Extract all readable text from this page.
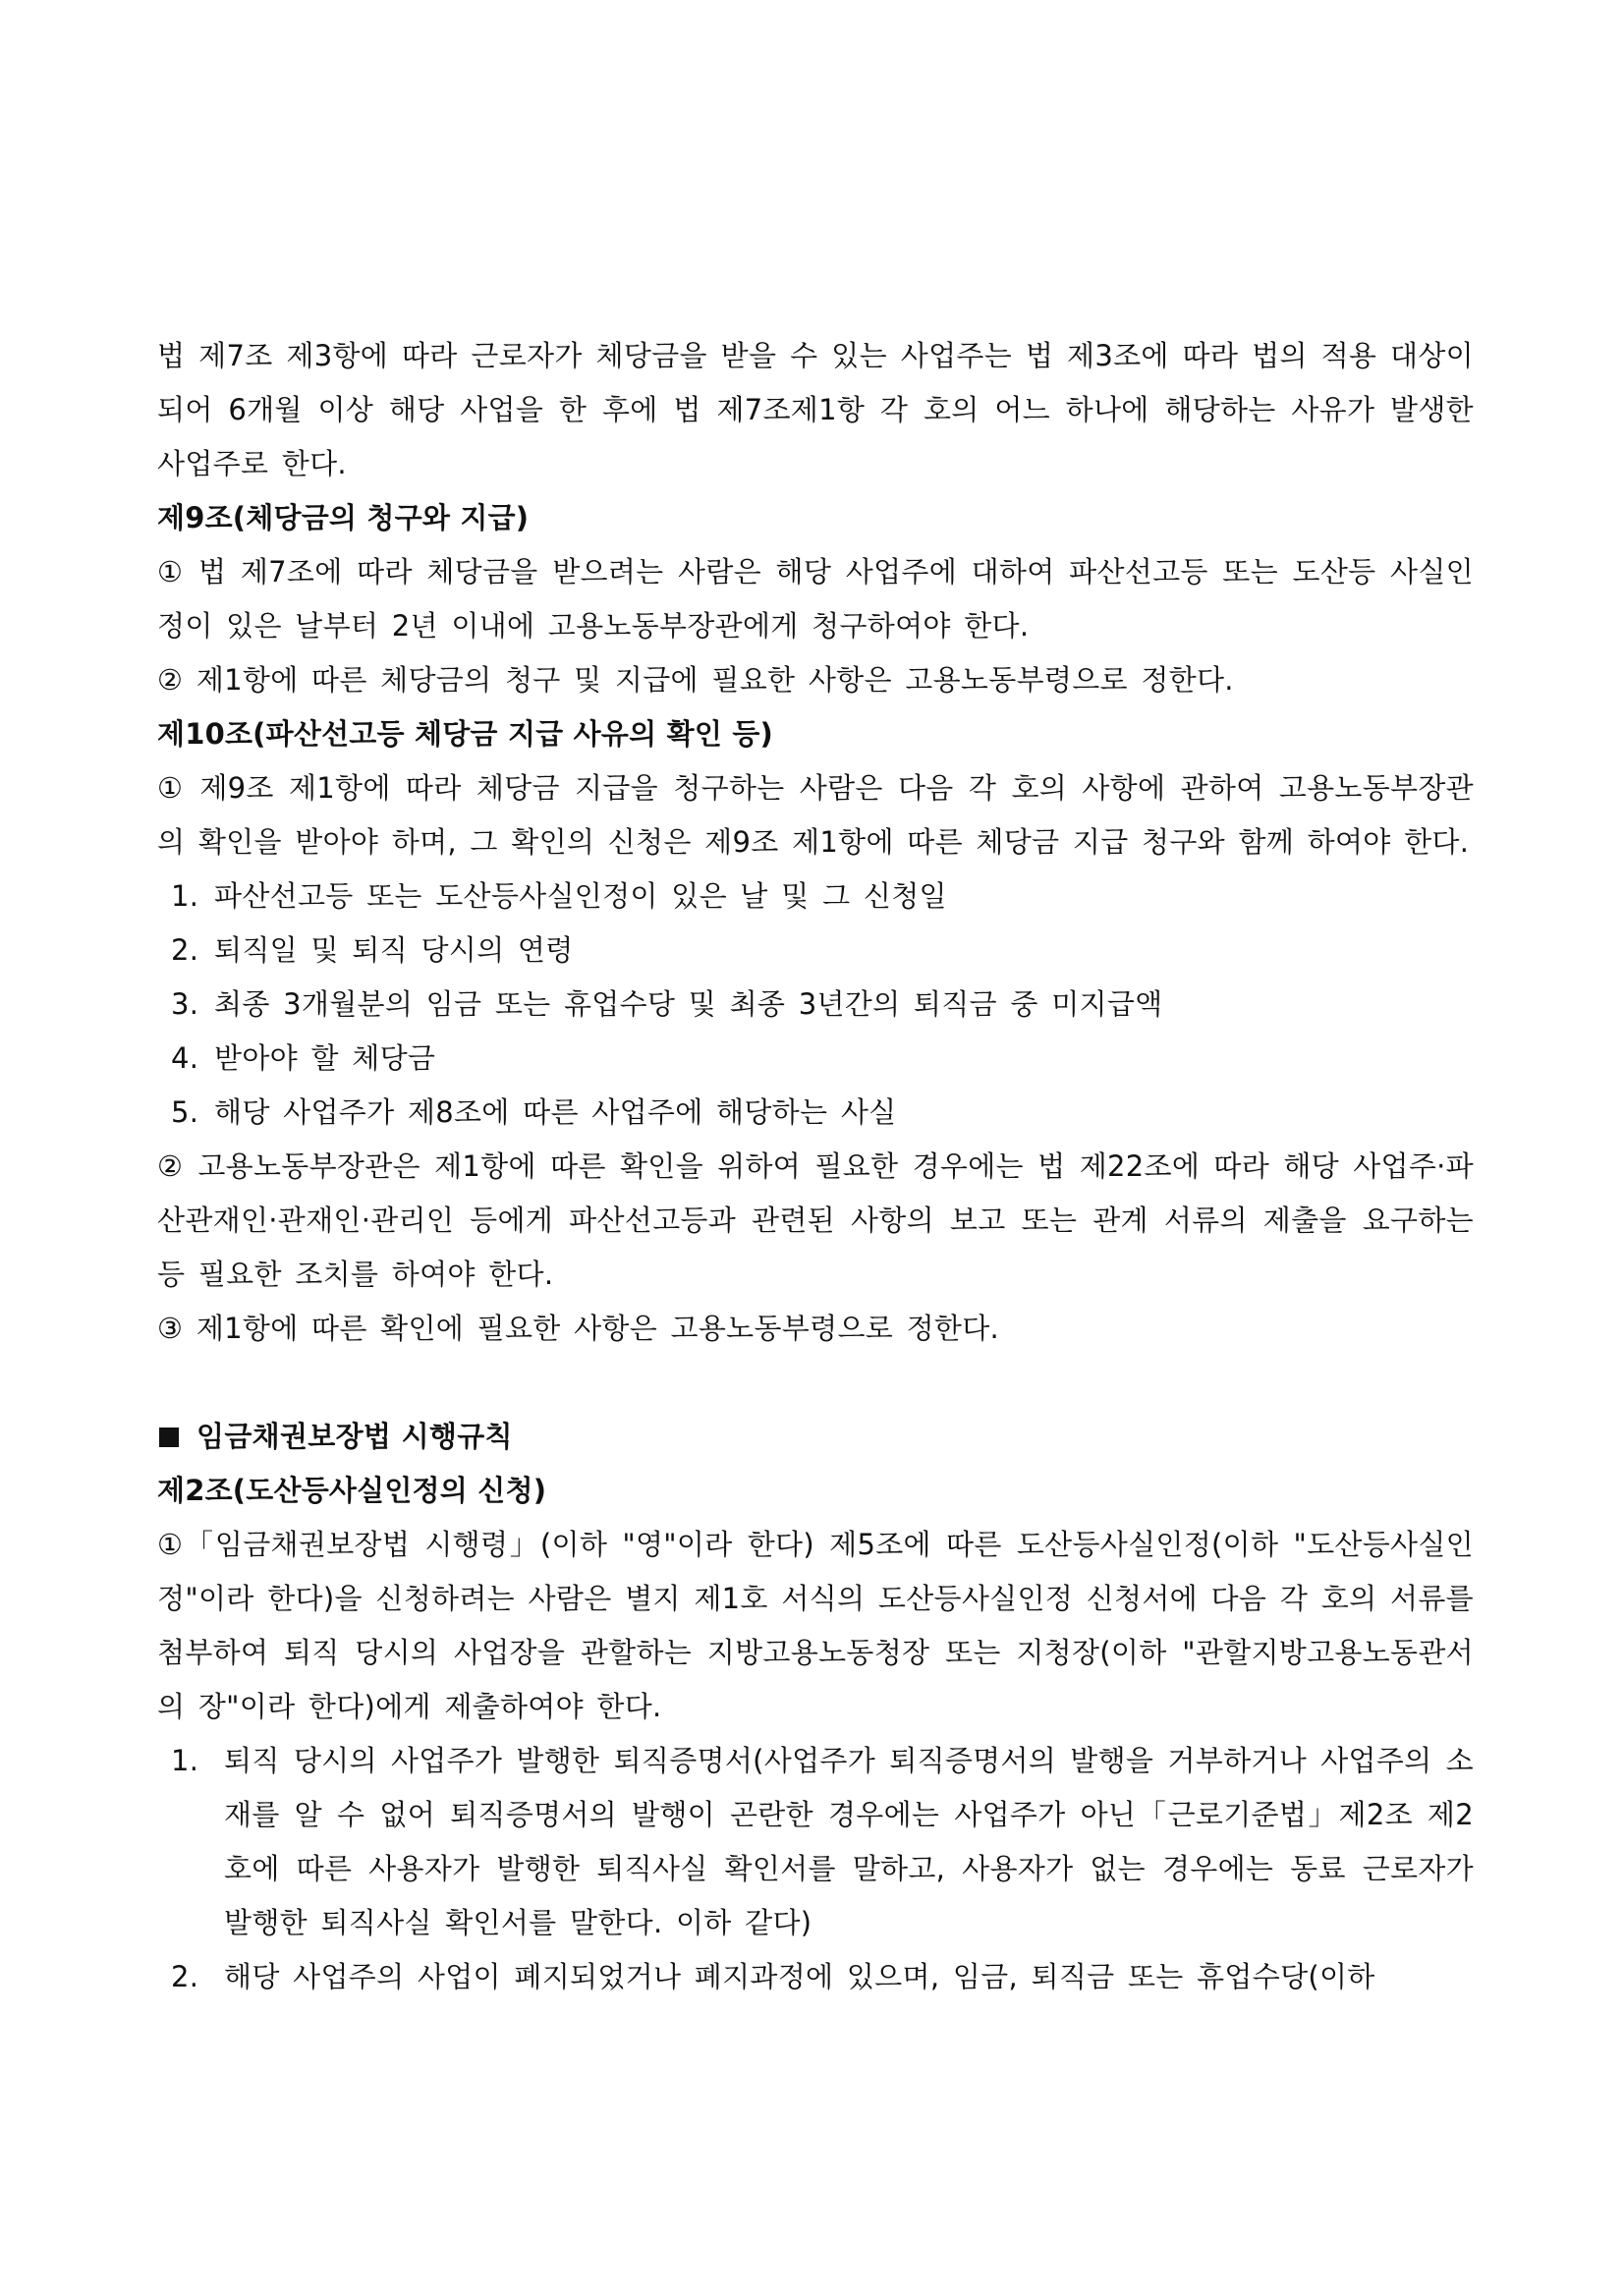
법 제7조 제3항에 따라 근로자가 체당금을 받을 수 있는 사업주는 법 제3조에 따라 법의 적용 대상이 되어 6개월 이상 해당 사업을 한 후에 법 제7조제1항 각 호의 어느 하나에 해당하는 사유가 발생한 사업주로 한다.

제9조(체당금의 청구와 지급)

① 법 제7조에 따라 체당금을 받으려는 사람은 해당 사업주에 대하여 파산선고등 또는 도산등 사실인정이 있은 날부터 2년 이내에 고용노동부장관에게 청구하여야 한다.

② 제1항에 따른 체당금의 청구 및 지급에 필요한 사항은 고용노동부령으로 정한다.

제10조(파산선고등 체당금 지급 사유의 확인 등)

① 제9조 제1항에 따라 체당금 지급을 청구하는 사람은 다음 각 호의 사항에 관하여 고용노동부장관의 확인을 받아야 하며, 그 확인의 신청은 제9조 제1항에 따른 체당금 지급 청구와 함께 하여야 한다.

1. 파산선고등 또는 도산등사실인정이 있은 날 및 그 신청일
2. 퇴직일 및 퇴직 당시의 연령
3. 최종 3개월분의 임금 또는 휴업수당 및 최종 3년간의 퇴직금 중 미지급액
4. 받아야 할 체당금
5. 해당 사업주가 제8조에 따른 사업주에 해당하는 사실

② 고용노동부장관은 제1항에 따른 확인을 위하여 필요한 경우에는 법 제22조에 따라 해당 사업주·파산관재인·관재인·관리인 등에게 파산선고등과 관련된 사항의 보고 또는 관계 서류의 제출을 요구하는 등 필요한 조치를 하여야 한다.

③ 제1항에 따른 확인에 필요한 사항은 고용노동부령으로 정한다.

임금채권보장법 시행규칙

제2조(도산등사실인정의 신청)

①「임금채권보장법 시행령」(이하 "영"이라 한다) 제5조에 따른 도산등사실인정(이하 "도산등사실인정"이라 한다)을 신청하려는 사람은 별지 제1호 서식의 도산등사실인정 신청서에 다음 각 호의 서류를 첨부하여 퇴직 당시의 사업장을 관할하는 지방고용노동청장 또는 지청장(이하 "관할지방고용노동관서의 장"이라 한다)에게 제출하여야 한다.

1. 퇴직 당시의 사업주가 발행한 퇴직증명서(사업주가 퇴직증명서의 발행을 거부하거나 사업주의 소재를 알 수 없어 퇴직증명서의 발행이 곤란한 경우에는 사업주가 아닌「근로기준법」제2조 제2호에 따른 사용자가 발행한 퇴직사실 확인서를 말하고, 사용자가 없는 경우에는 동료 근로자가 발행한 퇴직사실 확인서를 말한다. 이하 같다)
2. 해당 사업주의 사업이 폐지되었거나 폐지과정에 있으며, 임금, 퇴직금 또는 휴업수당(이하
